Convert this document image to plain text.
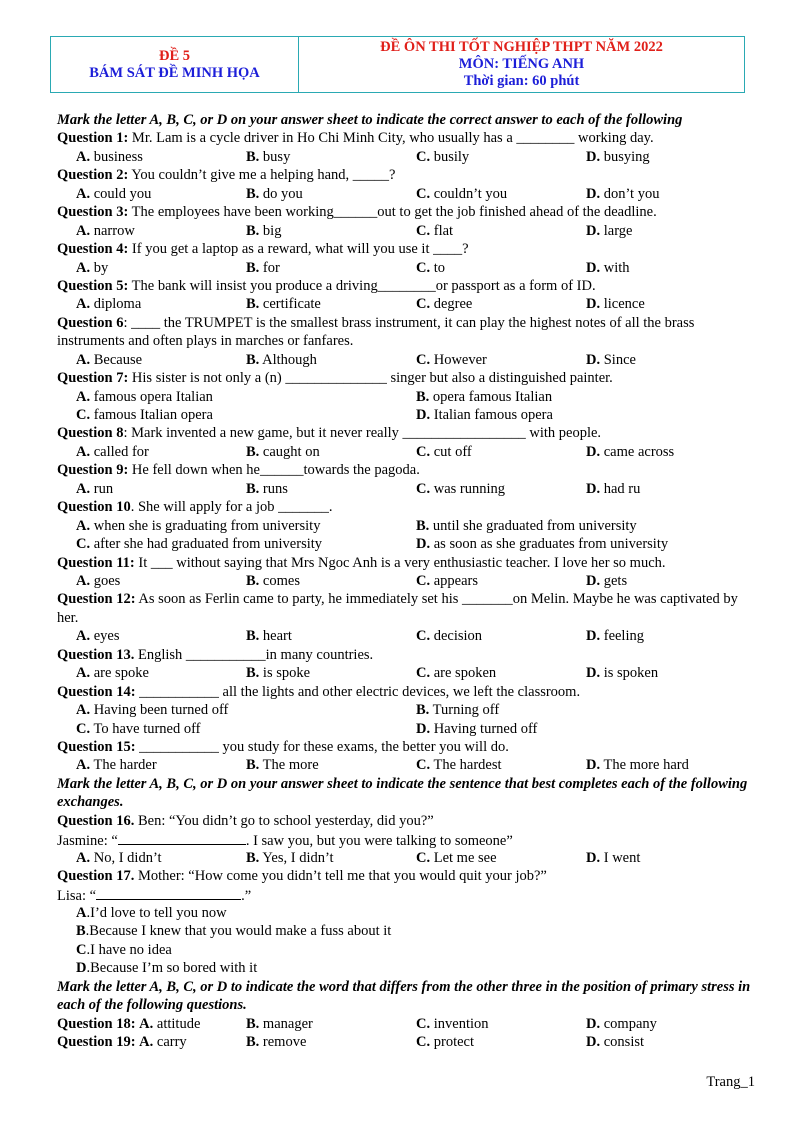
ĐỀ 5
BÁM SÁT ĐỀ MINH HỌA
ĐỀ ÔN THI TỐT NGHIỆP THPT NĂM 2022
MÔN: TIẾNG ANH
Thời gian: 60 phút
Mark the letter A, B, C, or D on your answer sheet to indicate the correct answer to each of the following
Question 1: Mr. Lam is a cycle driver in Ho Chi Minh City, who usually has a ________ working day.
A. business	B. busy	C. busily	D. busying
Question 2: You couldn’t give me a helping hand, _____?
A. could you	B. do you	C. couldn’t you	D. don’t you
Question 3: The employees have been working______out to get the job finished ahead of the deadline.
A. narrow	B. big	C. flat	D. large
Question 4: If you get a laptop as a reward, what will you use it ____?
A. by	B. for	C. to	D. with
Question 5: The bank will insist you produce a driving________or passport as a form of ID.
A. diploma	B. certificate	C. degree	D. licence
Question 6: ____ the TRUMPET is the smallest brass instrument, it can play the highest notes of all the brass instruments and often plays in marches or fanfares.
A. Because	B. Although	C. However	D. Since
Question 7: His sister is not only a (n) ______________ singer but also a distinguished painter.
A. famous opera Italian	B. opera famous Italian
C. famous Italian opera	D. Italian famous opera
Question 8: Mark invented a new game, but it never really _________________ with people.
A. called for	B. caught on	C. cut off	D. came across
Question 9: He fell down when he______towards the pagoda.
A. run	B. runs	C. was running	D. had ru
Question 10. She will apply for a job _______.
A. when she is graduating from university	B. until she graduated from university
C. after she had graduated from university	D. as soon as she graduates from university
Question 11: It ___ without saying that Mrs Ngoc Anh is a very enthusiastic teacher. I love her so much.
A. goes	B. comes	C. appears	D. gets
Question 12: As soon as Ferlin came to party, he immediately set his _______on Melin. Maybe he was captivated by her.
A. eyes	B. heart	C. decision	D. feeling
Question 13. English ___________in many countries.
A. are spoke	B. is spoke	C. are spoken	D. is spoken
Question 14: ___________ all the lights and other electric devices, we left the classroom.
A. Having been turned off	B. Turning off
C. To have turned off	D. Having turned off
Question 15: ___________ you study for these exams, the better you will do.
A. The harder	B. The more	C. The hardest	D. The more hard
Mark the letter A, B, C, or D on your answer sheet to indicate the sentence that best completes each of the following exchanges.
Question 16. Ben: “You didn’t go to school yesterday, did you?”
Jasmine: “	. I saw you, but you were talking to someone”
A. No, I didn’t	B. Yes, I didn’t	C. Let me see	D. I went
Question 17. Mother: “How come you didn’t tell me that you would quit your job?”
Lisa: “	.”
A.I’d love to tell you now
B.Because I knew that you would make a fuss about it
C.I have no idea
D.Because I’m so bored with it
Mark the letter A, B, C, or D to indicate the word that differs from the other three in the position of primary stress in each of the following questions.
Question 18: A. attitude	B. manager	C. invention	D. company
Question 19: A. carry	B. remove	C. protect	D. consist
Trang_1
